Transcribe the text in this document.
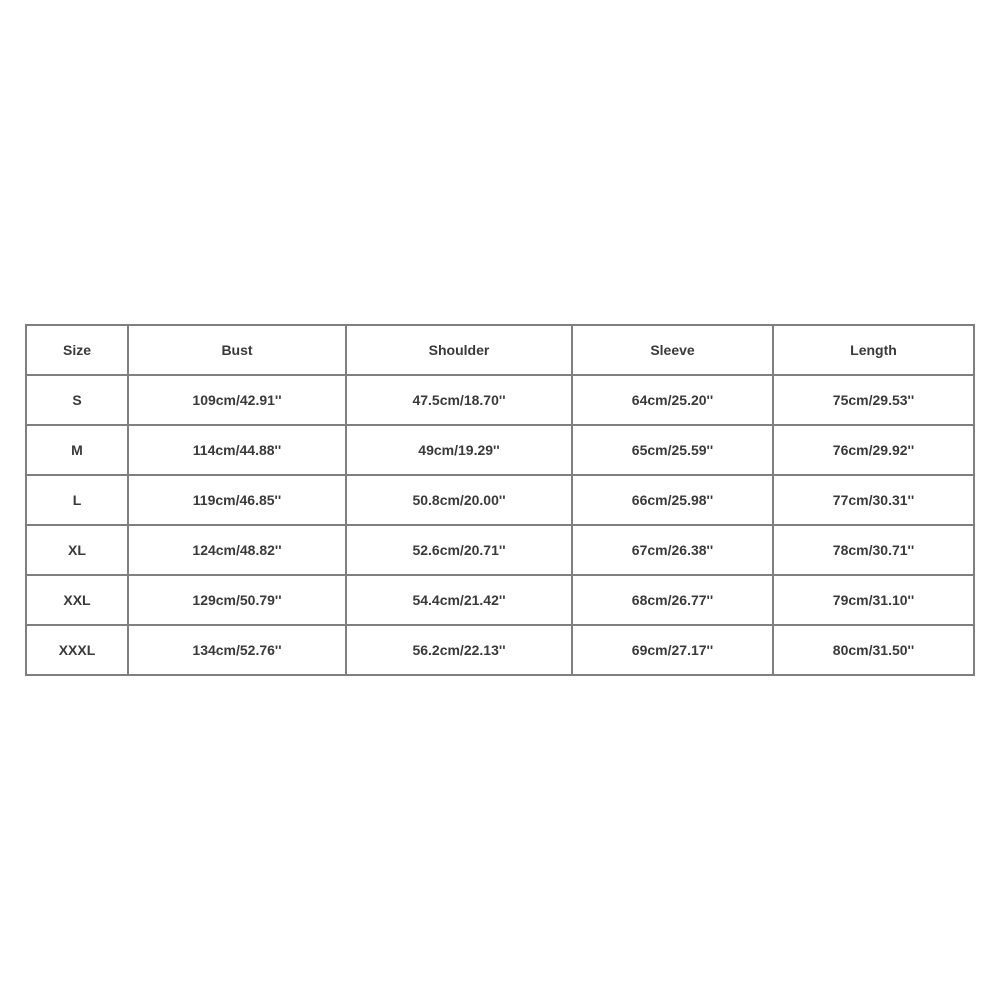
Size	Bust	Shoulder	Sleeve	Length
S	109cm/42.91''	47.5cm/18.70''	64cm/25.20''	75cm/29.53''
M	114cm/44.88''	49cm/19.29''	65cm/25.59''	76cm/29.92''
L	119cm/46.85''	50.8cm/20.00''	66cm/25.98''	77cm/30.31''
XL	124cm/48.82''	52.6cm/20.71''	67cm/26.38''	78cm/30.71''
XXL	129cm/50.79''	54.4cm/21.42''	68cm/26.77''	79cm/31.10''
XXXL	134cm/52.76''	56.2cm/22.13''	69cm/27.17''	80cm/31.50''
